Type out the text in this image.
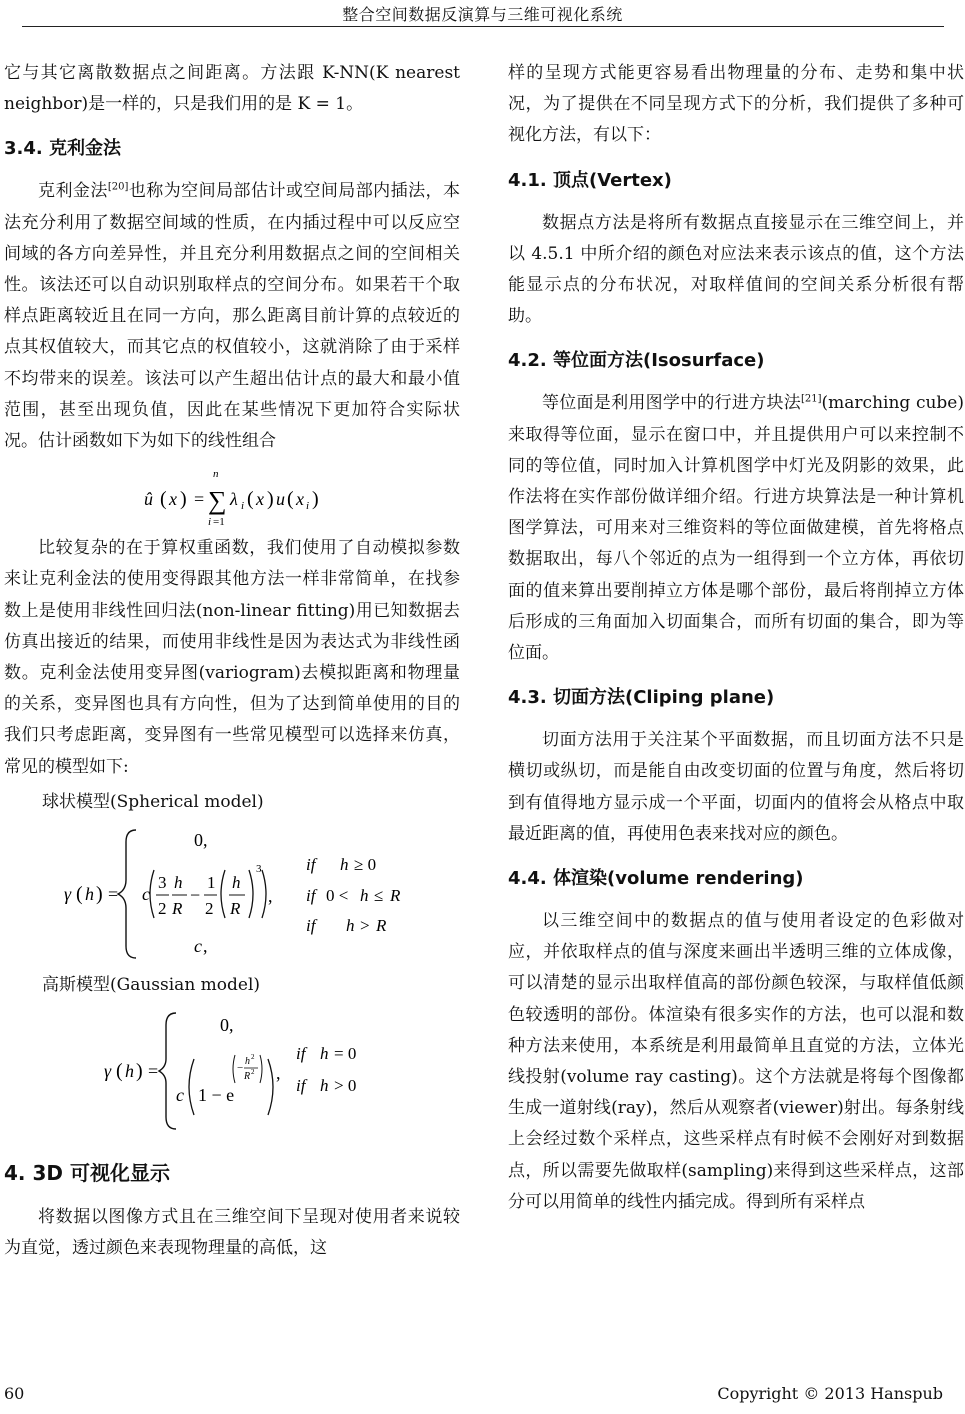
整合空间数据反演算与三维可视化系统

它与其它离散数据点之间距离。方法跟 K-NN(K nearest neighbor)是一样的，只是我们用的是 K = 1。

3.4. 克利金法

克利金法[20]也称为空间局部估计或空间局部内插法，本法充分利用了数据空间域的性质，在内插过程中可以反应空间域的各方向差异性，并且充分利用数据点之间的空间相关性。该法还可以自动识别取样点的空间分布。如果若干个取样点距离较近且在同一方向，那么距离目前计算的点较近的点其权值较大，而其它点的权值较小，这就消除了由于采样不均带来的误差。该法可以产生超出估计点的最大和最小值范围，甚至出现负值，因此在某些情况下更加符合实际状况。估计函数如下为如下的线性组合

û ( x ) =
n
∑
i =1
λ i ( x ) u ( x i )

比较复杂的在于算权重函数，我们使用了自动模拟参数来让克利金法的使用变得跟其他方法一样非常简单，在找参数上是使用非线性回归法(non-linear fitting)用已知数据去仿真出接近的结果，而使用非线性是因为表达式为非线性函数。克利金法使用变异图(variogram)去模拟距离和物理量的关系，变异图也具有方向性，但为了达到简单使用的目的我们只考虑距离，变异图有一些常见模型可以选择来仿真，常见的模型如下:

球状模型(Spherical model)
γ ( h ) =
0,
c
3
2
h
R
−
1
2
h
R
3
,
c ,
if h ≥ 0
if 0 < h ≤ R
if h > R
高斯模型(Gaussian model)
γ ( h ) =
0,
c 1 − e
−
h 2
R 2 ,
if h = 0
if h > 0
4. 3D 可视化显示

将数据以图像方式且在三维空间下呈现对使用者来说较为直觉，透过颜色来表现物理量的高低，这

样的呈现方式能更容易看出物理量的分布、走势和集中状况，为了提供在不同呈现方式下的分析，我们提供了多种可视化方法，有以下：

4.1. 顶点(Vertex)

数据点方法是将所有数据点直接显示在三维空间上，并以 4.5.1 中所介绍的颜色对应法来表示该点的值，这个方法能显示点的分布状况，对取样值间的空间关系分析很有帮助。

4.2. 等位面方法(Isosurface)

等位面是利用图学中的行进方块法[21](marching cube)来取得等位面，显示在窗口中，并且提供用户可以来控制不同的等位值，同时加入计算机图学中灯光及阴影的效果，此作法将在实作部份做详细介绍。行进方块算法是一种计算机图学算法，可用来对三维资料的等位面做建模，首先将格点数据取出，每八个邻近的点为一组得到一个立方体，再依切面的值来算出要削掉立方体是哪个部份，最后将削掉立方体后形成的三角面加入切面集合，而所有切面的集合，即为等位面。

4.3. 切面方法(Cliping plane)

切面方法用于关注某个平面数据，而且切面方法不只是横切或纵切，而是能自由改变切面的位置与角度，然后将切到有值得地方显示成一个平面，切面内的值将会从格点中取最近距离的值，再使用色表来找对应的颜色。

4.4. 体渲染(volume rendering)

以三维空间中的数据点的值与使用者设定的色彩做对应，并依取样点的值与深度来画出半透明三维的立体成像，可以清楚的显示出取样值高的部份颜色较深，与取样值低颜色较透明的部份。体渲染有很多实作的方法，也可以混和数种方法来使用，本系统是利用最简单且直觉的方法，立体光线投射(volume ray casting)。这个方法就是将每个图像都生成一道射线(ray)，然后从观察者(viewer)射出。每条射线上会经过数个采样点，这些采样点有时候不会刚好对到数据点，所以需要先做取样(sampling)来得到这些采样点，这部分可以用简单的线性内插完成。得到所有采样点

60	Copyright © 2013 Hanspub
